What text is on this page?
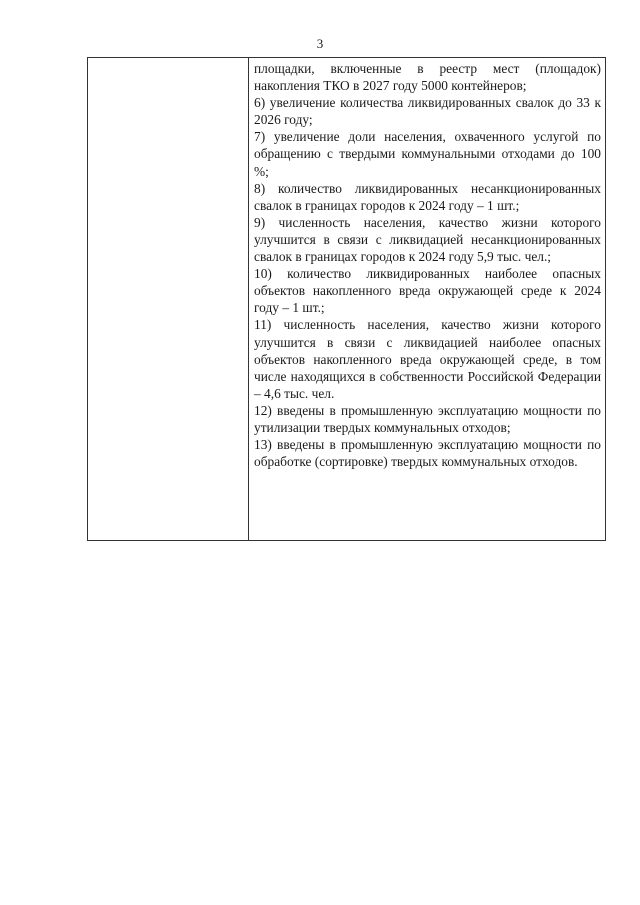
3

площадки, включенные в реестр мест (площадок) накопления ТКО в 2027 году 5000 контейнеров;

6) увеличение количества ликвидированных свалок до 33 к 2026 году;

7) увеличение доли населения, охваченного услугой по обращению с твердыми коммунальными отходами до 100 %;

8) количество ликвидированных несанкционированных свалок в границах городов к 2024 году – 1 шт.;

9) численность населения, качество жизни которого улучшится в связи с ликвидацией несанкционированных свалок в границах городов к 2024 году 5,9 тыс. чел.;

10) количество ликвидированных наиболее опасных объектов накопленного вреда окружающей среде к 2024 году – 1 шт.;

11) численность населения, качество жизни которого улучшится в связи с ликвидацией наиболее опасных объектов накопленного вреда окружающей среде, в том числе находящихся в собственности Российской Федерации – 4,6 тыс. чел.

12) введены в промышленную эксплуатацию мощности по утилизации твердых коммунальных отходов;

13) введены в промышленную эксплуатацию мощности по обработке (сортировке) твердых коммунальных отходов.
